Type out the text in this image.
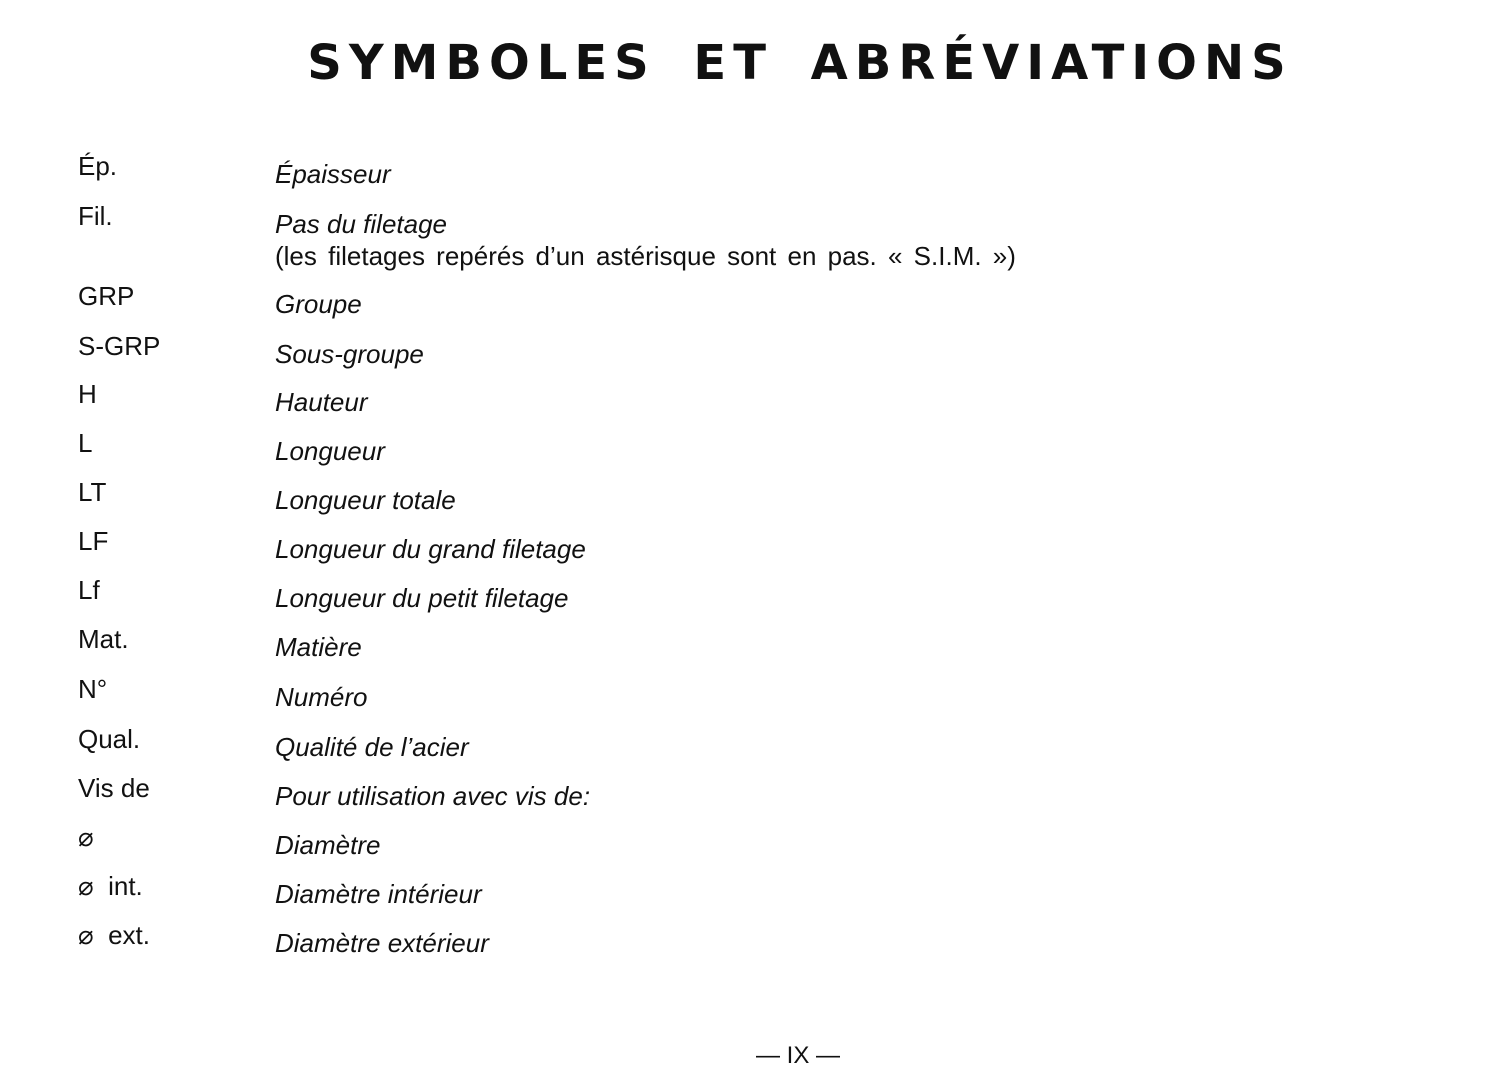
SYMBOLES ET ABRÉVIATIONS
Ép.	Épaisseur
Fil.	Pas du filetage
(les filetages repérés d’un astérisque sont en pas. « S.I.M. »)
GRP	Groupe
S-GRP	Sous-groupe
H	Hauteur
L	Longueur
LT	Longueur totale
LF	Longueur du grand filetage
Lf	Longueur du petit filetage
Mat.	Matière
N°	Numéro
Qual.	Qualité de l’acier
Vis de	Pour utilisation avec vis de:
⌀	Diamètre
⌀  int.	Diamètre intérieur
⌀  ext.	Diamètre extérieur
— IX —
